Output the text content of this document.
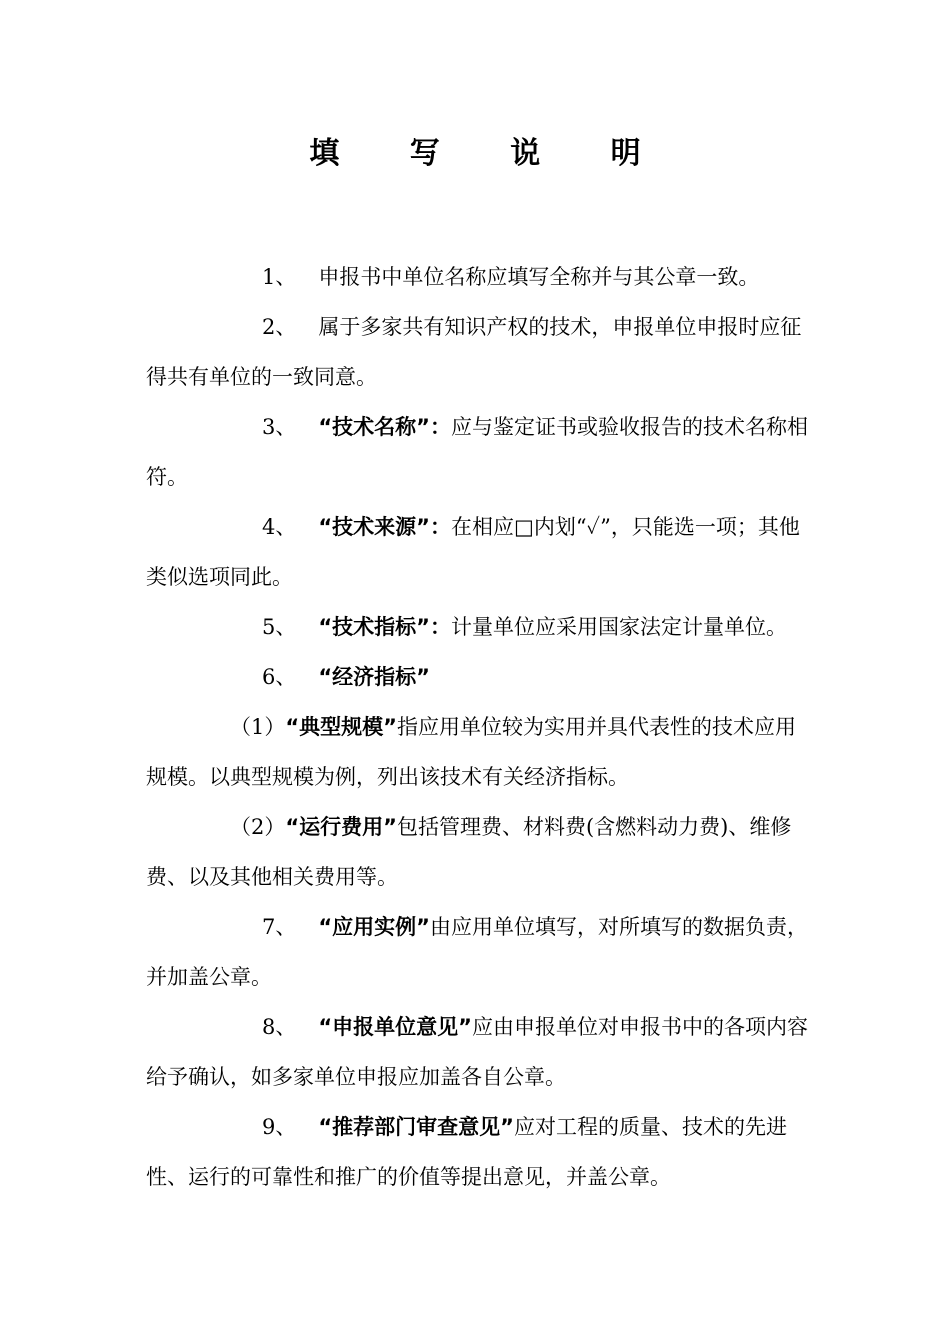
填 写 说 明

1、 申报书中单位名称应填写全称并与其公章一致。

2、 属于多家共有知识产权的技术，申报单位申报时应征得共有单位的一致同意。

3、 “技术名称”：应与鉴定证书或验收报告的技术名称相符。

4、 “技术来源”：在相应□内划“✓”，只能选一项；其他类似选项同此。

5、 “技术指标”：计量单位应采用国家法定计量单位。

6、 “经济指标”

（1）“典型规模”指应用单位较为实用并具代表性的技术应用规模。以典型规模为例，列出该技术有关经济指标。

（2）“运行费用”包括管理费、材料费(含燃料动力费)、维修费、以及其他相关费用等。

7、 “应用实例”由应用单位填写，对所填写的数据负责，并加盖公章。

8、 “申报单位意见”应由申报单位对申报书中的各项内容给予确认，如多家单位申报应加盖各自公章。

9、 “推荐部门审查意见”应对工程的质量、技术的先进性、运行的可靠性和推广的价值等提出意见，并盖公章。
